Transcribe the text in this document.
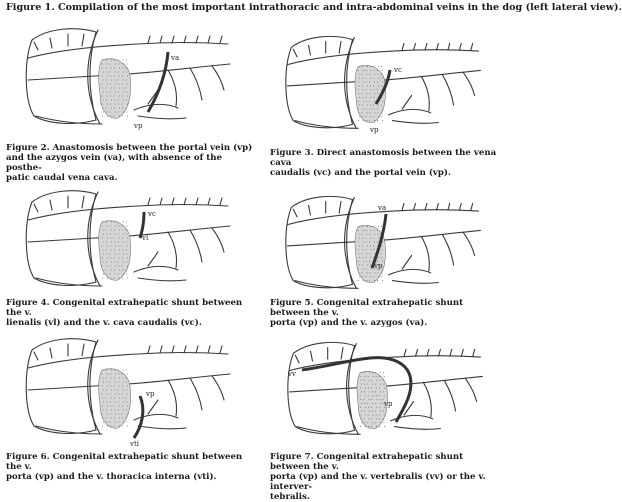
Figure 1. Compilation of the most important intrathoracic and intra-abdominal veins in the dog (left lateral view).
va
vp
Figure 2. Anastomosis between the portal vein (vp)
and the azygos vein (va), with absence of the posthe-
patic caudal vena cava.
vc
vp
Figure 3. Direct anastomosis between the vena cava
caudalis (vc) and the portal vein (vp).
vc
vl
Figure 4. Congenital extrahepatic shunt between the v.
lienalis (vl) and the v. cava caudalis (vc).
va
vp
Figure 5. Congenital extrahepatic shunt between the v.
porta (vp) and the v. azygos (va).
vp
vti
Figure 6. Congenital extrahepatic shunt between the v.
porta (vp) and the v. thoracica interna (vti).
vv
vp
Figure 7. Congenital extrahepatic shunt between the v.
porta (vp) and the v. vertebralis (vv) or the v. interver-
tebralis.
